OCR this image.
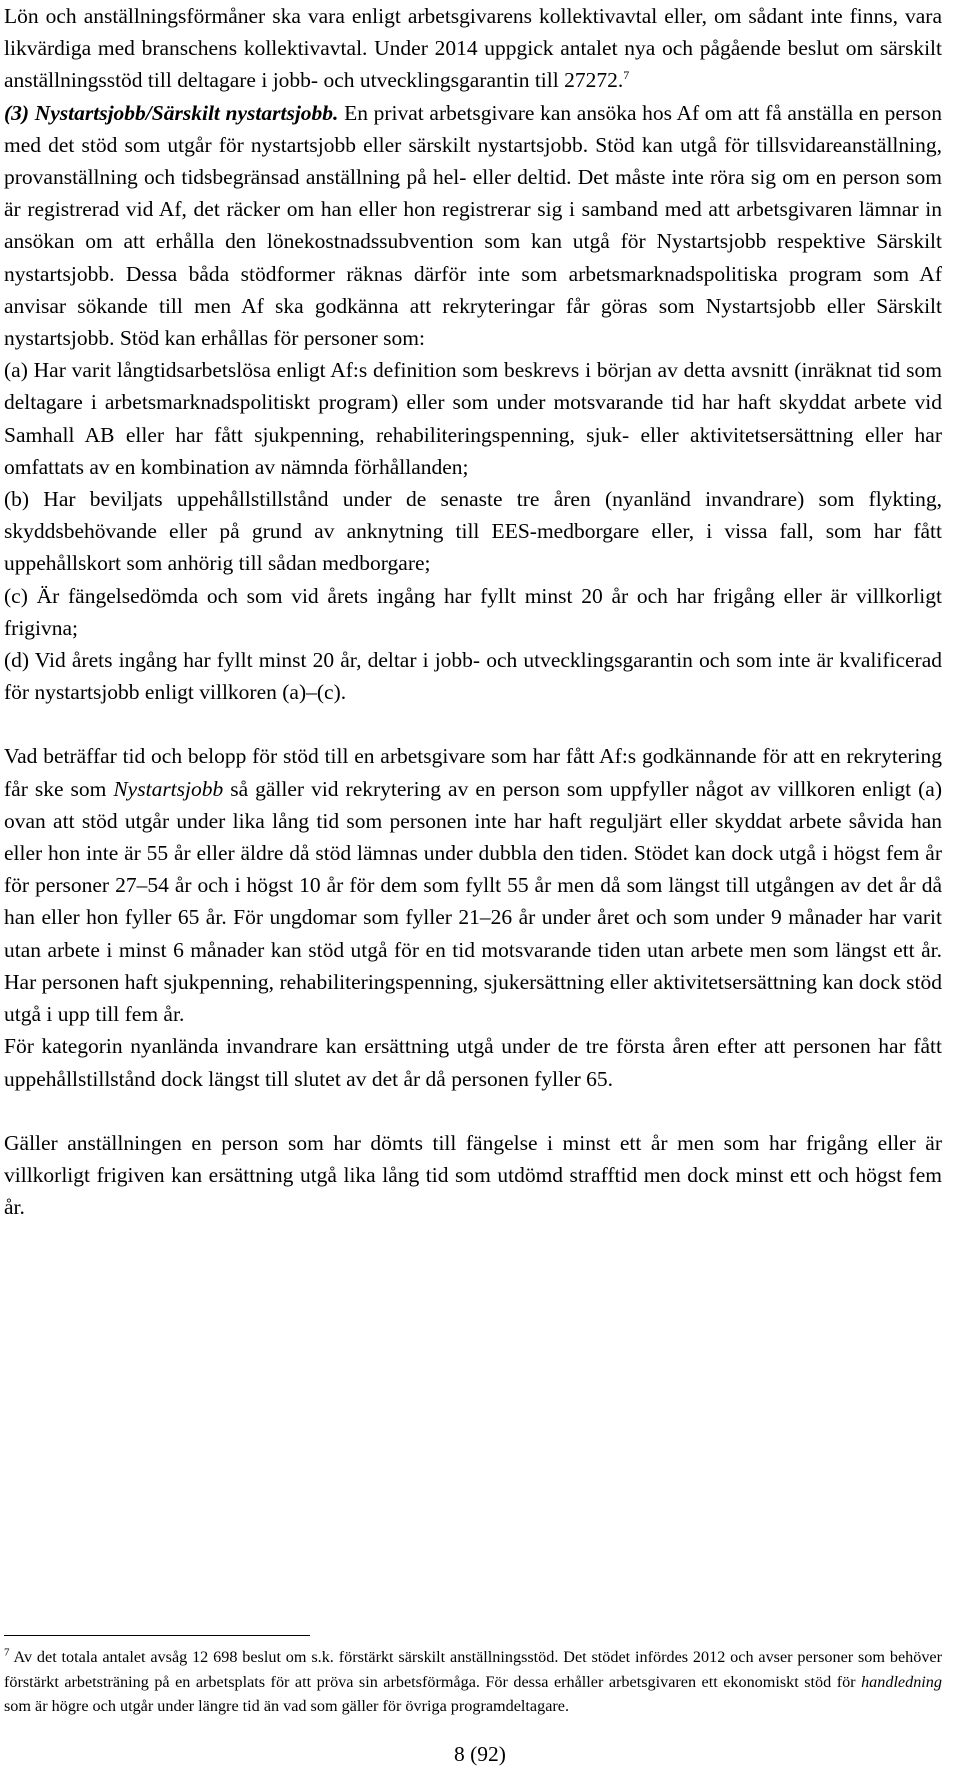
Lön och anställningsförmåner ska vara enligt arbetsgivarens kollektivavtal eller, om sådant inte finns, vara likvärdiga med branschens kollektivavtal. Under 2014 uppgick antalet nya och pågående beslut om särskilt anställningsstöd till deltagare i jobb- och utvecklingsgarantin till 27272.$^7$

(3) Nystartsjobb/Särskilt nystartsjobb. En privat arbetsgivare kan ansöka hos Af om att få anställa en person med det stöd som utgår för nystartsjobb eller särskilt nystartsjobb. Stöd kan utgå för tillsvidareanställning, provanställning och tidsbegränsad anställning på hel- eller deltid. Det måste inte röra sig om en person som är registrerad vid Af, det räcker om han eller hon registrerar sig i samband med att arbetsgivaren lämnar in ansökan om att erhålla den lönekostnadssubvention som kan utgå för Nystartsjobb respektive Särskilt nystartsjobb. Dessa båda stödformer räknas därför inte som arbetsmarknadspolitiska program som Af anvisar sökande till men Af ska godkänna att rekryteringar får göras som Nystartsjobb eller Särskilt nystartsjobb. Stöd kan erhållas för personer som:

(a) Har varit långtidsarbetslösa enligt Af:s definition som beskrevs i början av detta avsnitt (inräknat tid som deltagare i arbetsmarknadspolitiskt program) eller som under motsvarande tid har haft skyddat arbete vid Samhall AB eller har fått sjukpenning, rehabiliteringspenning, sjuk- eller aktivitetsersättning eller har omfattats av en kombination av nämnda förhållanden;

(b) Har beviljats uppehållstillstånd under de senaste tre åren (nyanländ invandrare) som flykting, skyddsbehövande eller på grund av anknytning till EES-medborgare eller, i vissa fall, som har fått uppehållskort som anhörig till sådan medborgare;

(c) Är fängelsedömda och som vid årets ingång har fyllt minst 20 år och har frigång eller är villkorligt frigivna;

(d) Vid årets ingång har fyllt minst 20 år, deltar i jobb- och utvecklingsgarantin och som inte är kvalificerad för nystartsjobb enligt villkoren (a)–(c).

Vad beträffar tid och belopp för stöd till en arbetsgivare som har fått Af:s godkännande för att en rekrytering får ske som Nystartsjobb så gäller vid rekrytering av en person som uppfyller något av villkoren enligt (a) ovan att stöd utgår under lika lång tid som personen inte har haft reguljärt eller skyddat arbete såvida han eller hon inte är 55 år eller äldre då stöd lämnas under dubbla den tiden. Stödet kan dock utgå i högst fem år för personer 27–54 år och i högst 10 år för dem som fyllt 55 år men då som längst till utgången av det år då han eller hon fyller 65 år. För ungdomar som fyller 21–26 år under året och som under 9 månader har varit utan arbete i minst 6 månader kan stöd utgå för en tid motsvarande tiden utan arbete men som längst ett år. Har personen haft sjukpenning, rehabiliteringspenning, sjukersättning eller aktivitetsersättning kan dock stöd utgå i upp till fem år.

För kategorin nyanlända invandrare kan ersättning utgå under de tre första åren efter att personen har fått uppehållstillstånd dock längst till slutet av det år då personen fyller 65.

Gäller anställningen en person som har dömts till fängelse i minst ett år men som har frigång eller är villkorligt frigiven kan ersättning utgå lika lång tid som utdömd strafftid men dock minst ett och högst fem år.

$^7$ Av det totala antalet avsåg 12 698 beslut om s.k. förstärkt särskilt anställningsstöd. Det stödet infördes 2012 och avser personer som behöver förstärkt arbetsträning på en arbetsplats för att pröva sin arbetsförmåga. För dessa erhåller arbetsgivaren ett ekonomiskt stöd för handledning som är högre och utgår under längre tid än vad som gäller för övriga programdeltagare.

8 (92)
